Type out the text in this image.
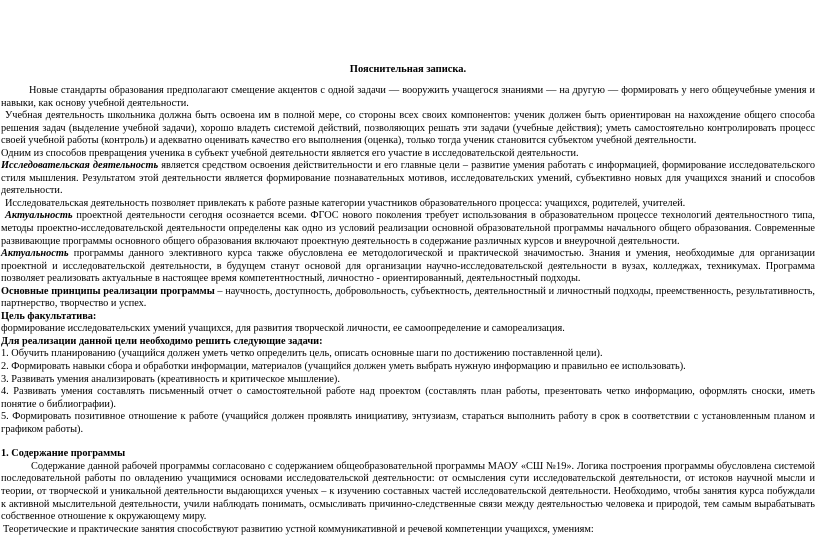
Пояснительная записка.

Новые стандарты образования предполагают смещение акцентов с одной задачи — вооружить учащегося знаниями — на другую — формировать у него общеучебные умения и навыки, как основу учебной деятельности.

Учебная деятельность школьника должна быть освоена им в полной мере, со стороны всех своих компонентов: ученик должен быть ориентирован на нахождение общего способа решения задач (выделение учебной задачи), хорошо владеть системой действий, позволяющих решать эти задачи (учебные действия); уметь самостоятельно контролировать процесс своей учебной работы (контроль) и адекватно оценивать качество его выполнения (оценка), только тогда ученик становится субъектом учебной деятельности.

Одним из способов превращения ученика в субъект учебной деятельности является его участие в исследовательской деятельности.

Исследовательская деятельность является средством освоения действительности и его главные цели – развитие умения работать с информацией, формирование исследовательского стиля мышления. Результатом этой деятельности является формирование познавательных мотивов, исследовательских умений, субъективно новых для учащихся знаний и способов деятельности.

Исследовательская деятельность позволяет привлекать к работе разные категории участников образовательного процесса: учащихся, родителей, учителей.

Актуальность проектной деятельности сегодня осознается всеми. ФГОС нового поколения требует использования в образовательном процессе технологий деятельностного типа, методы проектно-исследовательской деятельности определены как одно из условий реализации основной образовательной программы начального общего образования. Современные развивающие программы основного общего образования включают проектную деятельность в содержание различных курсов и внеурочной деятельности.

Актуальность программы данного элективного курса также обусловлена ее методологической и практической значимостью. Знания и умения, необходимые для организации проектной и исследовательской деятельности, в будущем станут основой для организации научно-исследовательской деятельности в вузах, колледжах, техникумах. Программа позволяет реализовать актуальные в настоящее время компетентностный, личностно - ориентированный, деятельностный подходы.

Основные принципы реализации программы – научность, доступность, добровольность, субъектность, деятельностный и личностный подходы, преемственность, результативность, партнерство, творчество и успех.

Цель факультатива:

формирование исследовательских умений учащихся, для развития творческой личности, ее самоопределение и самореализация.

Для реализации данной цели необходимо решить следующие задачи:

1. Обучить планированию (учащийся должен уметь четко определить цель, описать основные шаги по достижению поставленной цели).

2. Формировать навыки сбора и обработки информации, материалов (учащийся должен уметь выбрать нужную информацию и правильно ее использовать).

3. Развивать умения анализировать (креативность и критическое мышление).

4. Развивать умения составлять письменный отчет о самостоятельной работе над проектом (составлять план работы, презентовать четко информацию, оформлять сноски, иметь понятие о библиографии).

5. Формировать позитивное отношение к работе (учащийся должен проявлять инициативу, энтузиазм, стараться выполнить работу в срок в соответствии с установленным планом и графиком работы).

1. Содержание программы

Содержание данной рабочей программы согласовано с содержанием общеобразовательной программы МАОУ «СШ №19». Логика построения программы обусловлена системой последовательной работы по овладению учащимися основами исследовательской деятельности: от осмысления сути исследовательской деятельности, от истоков научной мысли и теории, от творческой и уникальной деятельности выдающихся ученых – к изучению составных частей исследовательской деятельности. Необходимо, чтобы занятия курса побуждали к активной мыслительной деятельности, учили наблюдать понимать, осмысливать причинно-следственные связи между деятельностью человека и природой, тем самым вырабатывать собственное отношение к окружающему миру.

Теоретические и практические занятия способствуют развитию устной коммуникативной и речевой компетенции учащихся, умениям:
